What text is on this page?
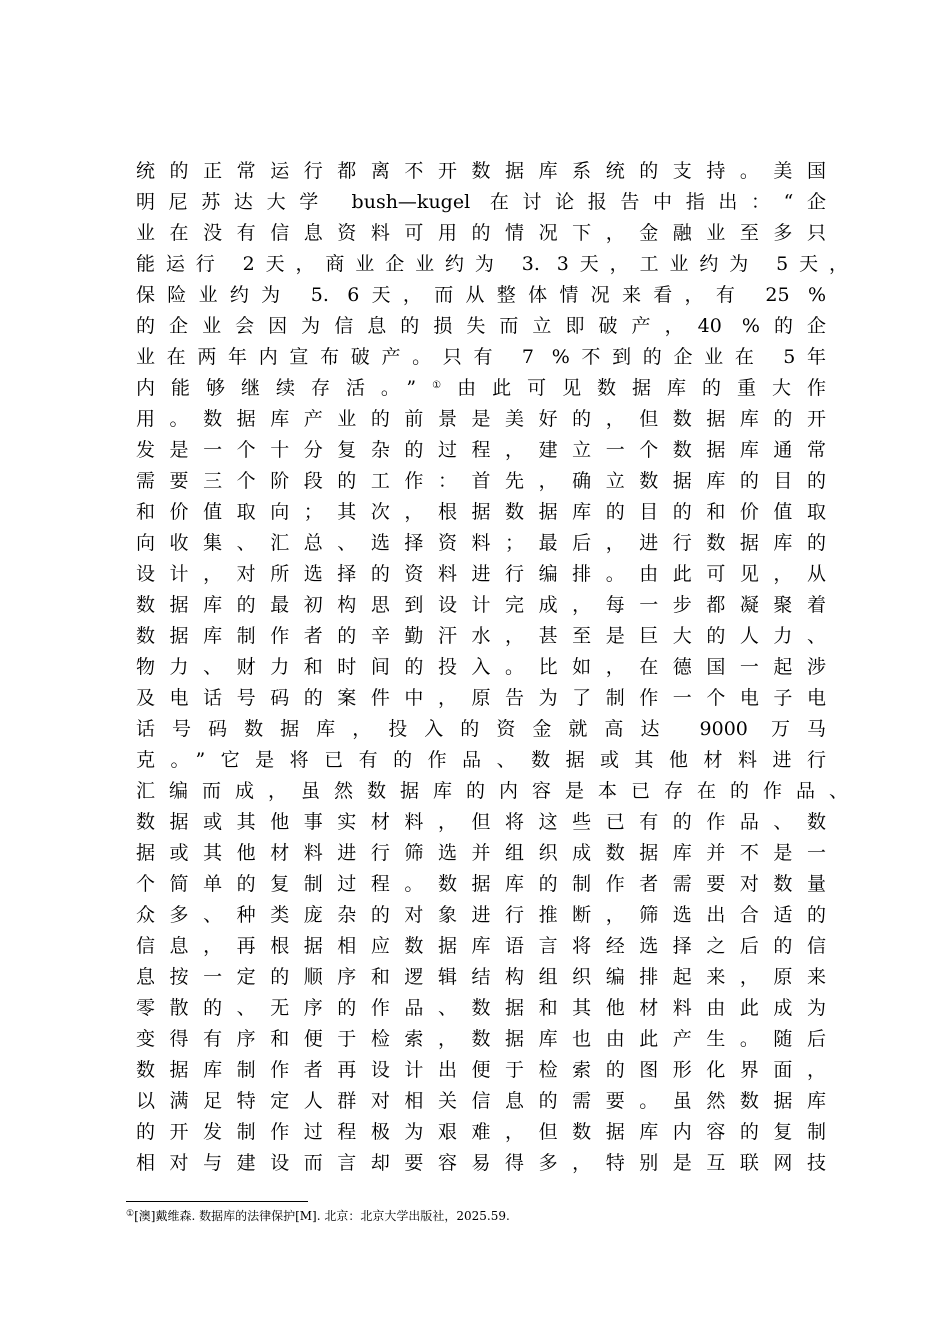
统的正常运行都离不开数据库系统的支持。美国
明尼苏达大学 bush—kugel 在讨论报告中指出：“企
业在没有信息资料可用的情况下，金融业至多只
能运行 2天，商业企业约为 3. 3天，工业约为 5天，
保险业约为 5. 6天，而从整体情况来看，有 25 %
的企业会因为信息的损失而立即破产，40 %的企
业在两年内宣布破产。只有 7 %不到的企业在 5年
内能够继续存活。”①由此可见数据库的重大作
用。数据库产业的前景是美好的，但数据库的开
发是一个十分复杂的过程，建立一个数据库通常
需要三个阶段的工作：首先，确立数据库的目的
和价值取向；其次，根据数据库的目的和价值取
向收集、汇总、选择资料；最后，进行数据库的
设计，对所选择的资料进行编排。由此可见，从
数据库的最初构思到设计完成，每一步都凝聚着
数据库制作者的辛勤汗水，甚至是巨大的人力、
物力、财力和时间的投入。比如，在德国一起涉
及电话号码的案件中，原告为了制作一个电子电
话号码数据库，投入的资金就高达 9000 万马
克。”它是将已有的作品、数据或其他材料进行
汇编而成，虽然数据库的内容是本已存在的作品、
数据或其他事实材料，但将这些已有的作品、数
据或其他材料进行筛选并组织成数据库并不是一
个简单的复制过程。数据库的制作者需要对数量
众多、种类庞杂的对象进行推断，筛选出合适的
信息，再根据相应数据库语言将经选择之后的信
息按一定的顺序和逻辑结构组织编排起来，原来
零散的、无序的作品、数据和其他材料由此成为
变得有序和便于检索，数据库也由此产生。随后
数据库制作者再设计出便于检索的图形化界面，
以满足特定人群对相关信息的需要。虽然数据库
的开发制作过程极为艰难，但数据库内容的复制
相对与建设而言却要容易得多，特别是互联网技
①[澳]戴维森. 数据库的法律保护[M]. 北京：北京大学出版社，2025.59.
